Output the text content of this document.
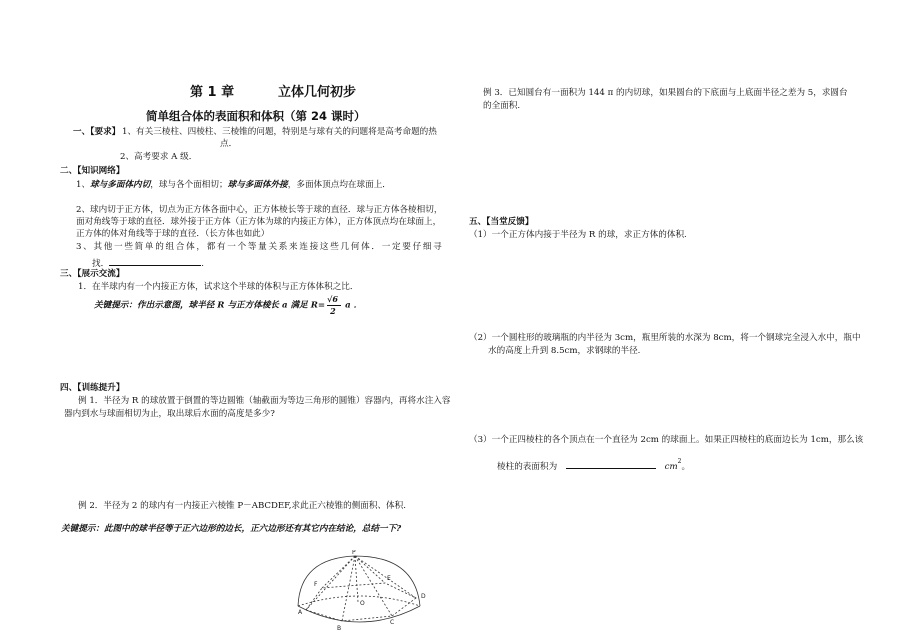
第 1 章	立体几何初步
简单组合体的表面积和体积（第 24 课时）
一、【要求】 1、有关三棱柱、四棱柱、三棱锥的问题，特别是与球有关的问题将是高考命题的热
点．
2、高考要求 A 级．
二、【知识网络】
1、球与多面体内切，球与各个面相切；球与多面体外接，多面体顶点均在球面上．
2、球内切于正方体，切点为正方体各面中心，正方体棱长等于球的直径．球与正方体各棱相切，
面对角线等于球的直径．球外接于正方体（正方体为球的内接正方体），正方体顶点均在球面上，
正方体的体对角线等于球的直径．（长方体也如此）
3、其他一些简单的组合体，都有一个等量关系来连接这些几何体．一定要仔细寻
找．	.
三、【展示交流】
1．在半球内有一个内接正方体，试求这个半球的体积与正方体体积之比．
关键提示：作出示意图，球半径 R 与正方体棱长 a 满足 $R= \frac{√6}{2}$ a ．
四、【训练提升】
例 1．半径为 R 的球放置于倒置的等边圆锥（轴截面为等边三角形的圆锥）容器内，再将水注入容
器内到水与球面相切为止，取出球后水面的高度是多少?
例 2．半径为 2 的球内有一内接正六棱锥 P－ABCDEF,求此正六棱锥的侧面积、体积.
关键提示：此图中的球半径等于正六边形的边长，正六边形还有其它内在结论，总结一下?
P
D
E
F
A
B
C
O
例 3．已知圆台有一面积为 144 π 的内切球，如果圆台的下底面与上底面半径之差为 5，求圆台
的全面积.
五、【当堂反馈】
（1）一个正方体内接于半径为 R 的球，求正方体的体积.
（2）一个圆柱形的玻璃瓶的内半径为 3cm，瓶里所装的水深为 8cm，将一个钢球完全浸入水中，瓶中
水的高度上升到 8.5cm，求钢球的半径.
（3）一个正四棱柱的各个顶点在一个直径为 2cm 的球面上。如果正四棱柱的底面边长为 1cm，那么该
棱柱的表面积为	$cm^2$。
